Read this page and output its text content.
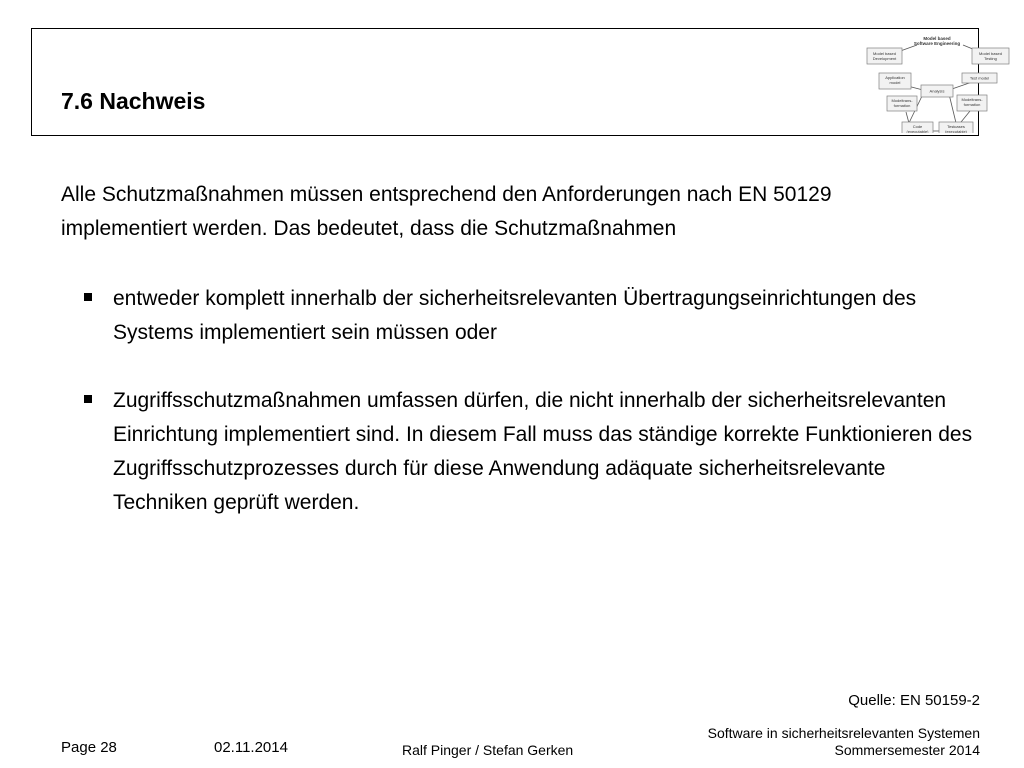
7.6 Nachweis
Model based
Software Engineering
Model based
Development
Model based
Testing
Application
model
Test model
Analysis
Modeltrans-
formation
Modeltrans-
formation
Code
(executable)
Testcases
(executable)

Alle Schutzmaßnahmen müssen entsprechend den Anforderungen nach EN 50129 implementiert werden. Das bedeutet, dass die Schutzmaßnahmen

entweder komplett innerhalb der sicherheitsrelevanten Übertragungseinrichtungen des Systems implementiert sein müssen oder
Zugriffsschutzmaßnahmen umfassen dürfen, die nicht innerhalb der sicherheitsrelevanten Einrichtung implementiert sind. In diesem Fall muss das ständige korrekte Funktionieren des Zugriffsschutzprozesses durch für diese Anwendung adäquate sicherheitsrelevante Techniken geprüft werden.
Quelle: EN 50159-2
Page 28	02.11.2014	Ralf Pinger / Stefan Gerken
Software in sicherheitsrelevanten Systemen
Sommersemester 2014
